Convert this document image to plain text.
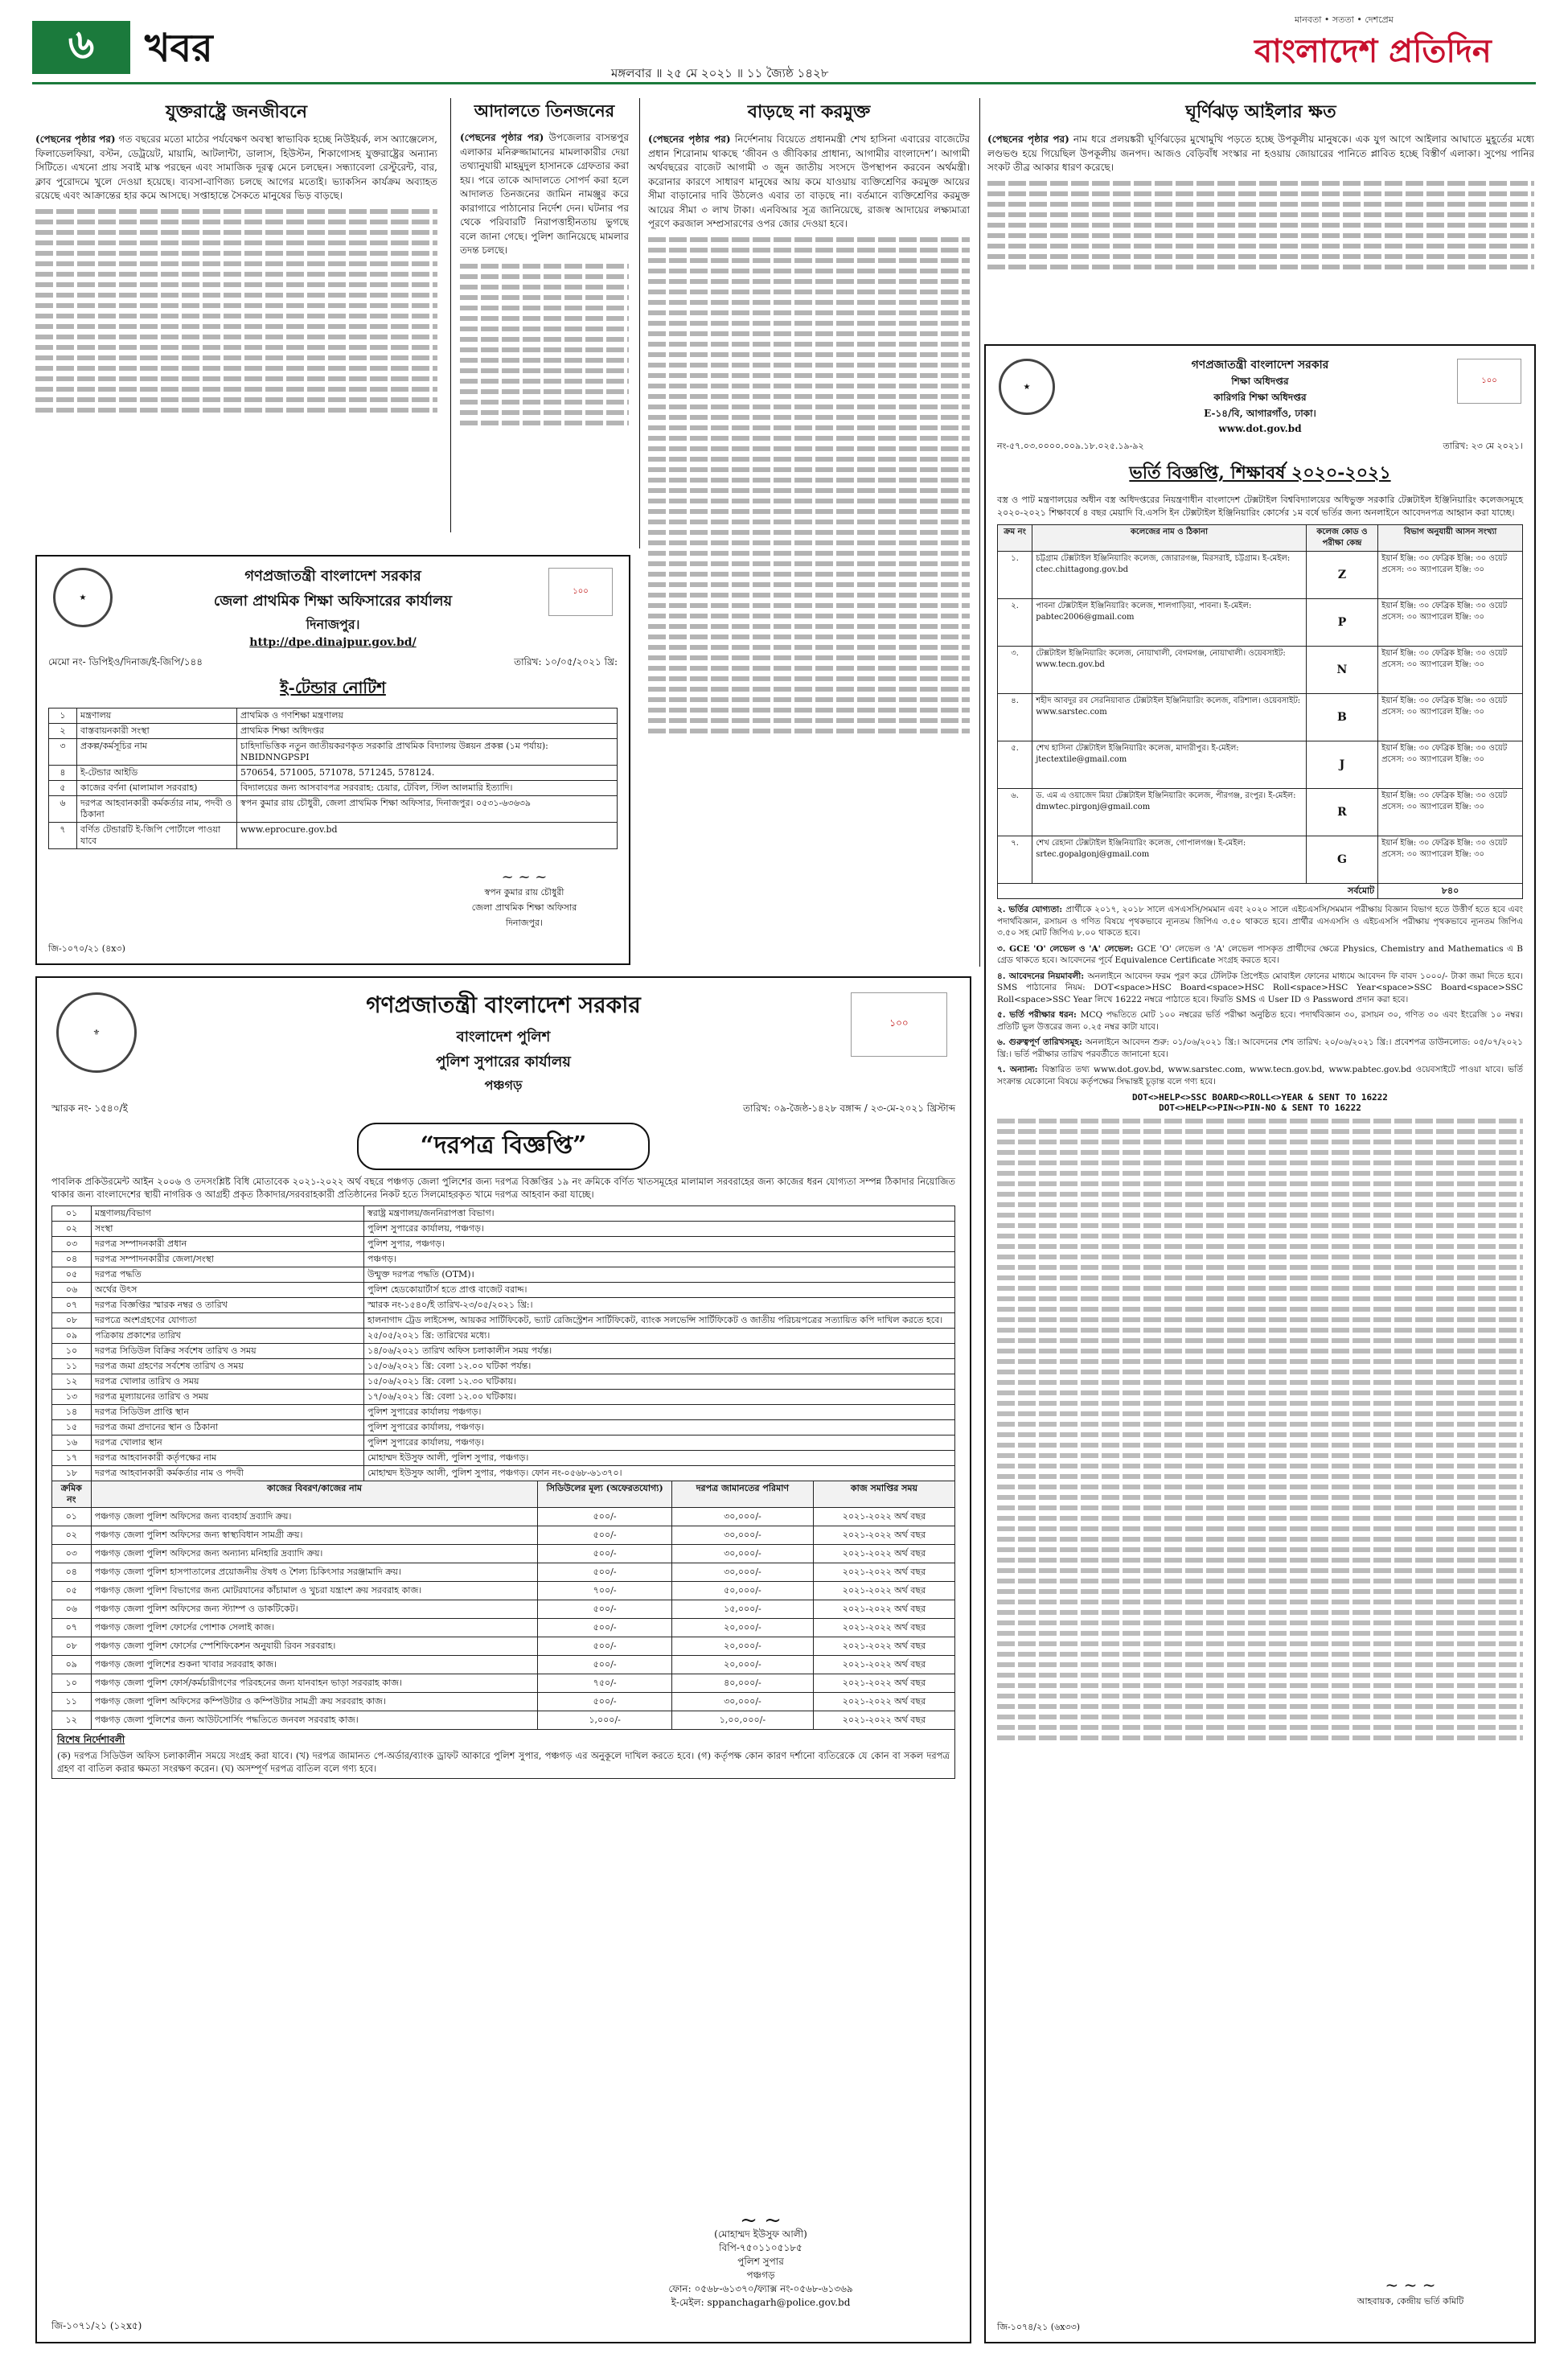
৬	খবর
মঙ্গলবার ॥ ২৫ মে ২০২১ ॥ ১১ জ্যৈষ্ঠ ১৪২৮
মানবতা • সততা • দেশপ্রেম
বাংলাদেশ প্রতিদিন
যুক্তরাষ্ট্রে জনজীবনে
(পেছনের পৃষ্ঠার পর) গত বছরের মতো মাঠের পর্যবেক্ষণ অবস্থা স্বাভাবিক হচ্ছে নিউইয়র্ক, লস অ্যাঞ্জেলেস, ফিলাডেলফিয়া, বস্টন, ডেট্রয়েট, মায়ামি, আটলান্টা, ডালাস, হিউস্টন, শিকাগোসহ যুক্তরাষ্ট্রের অন্যান্য সিটিতে। এখনো প্রায় সবাই মাস্ক পরছেন এবং সামাজিক দূরত্ব মেনে চলছেন। সন্ধ্যাবেলা রেস্টুরেন্ট, বার, ক্লাব পুরোদমে খুলে দেওয়া হয়েছে। ব্যবসা-বাণিজ্য চলছে আগের মতোই। ভ্যাকসিন কার্যক্রম অব্যাহত রয়েছে এবং আক্রান্তের হার কমে আসছে। সপ্তাহান্তে সৈকতে মানুষের ভিড় বাড়ছে।
আদালতে তিনজনের
(পেছনের পৃষ্ঠার পর) উপজেলার বাসন্তপুর এলাকার মনিরুজ্জামানের মামলাকারীর দেয়া তথ্যানুযায়ী মাহমুদুল হাসানকে গ্রেফতার করা হয়। পরে তাকে আদালতে সোপর্দ করা হলে আদালত তিনজনের জামিন নামঞ্জুর করে কারাগারে পাঠানোর নির্দেশ দেন। ঘটনার পর থেকে পরিবারটি নিরাপত্তাহীনতায় ভুগছে বলে জানা গেছে। পুলিশ জানিয়েছে মামলার তদন্ত চলছে।
বাড়ছে না করমুক্ত
(পেছনের পৃষ্ঠার পর) নির্দেশনায় বিয়েতে প্রধানমন্ত্রী শেখ হাসিনা এবারের বাজেটের প্রধান শিরোনাম থাকছে ‘জীবন ও জীবিকার প্রাধান্য, আগামীর বাংলাদেশ’। আগামী অর্থবছরের বাজেট আগামী ৩ জুন জাতীয় সংসদে উপস্থাপন করবেন অর্থমন্ত্রী। করোনার কারণে সাধারণ মানুষের আয় কমে যাওয়ায় ব্যক্তিশ্রেণির করমুক্ত আয়ের সীমা বাড়ানোর দাবি উঠলেও এবার তা বাড়ছে না। বর্তমানে ব্যক্তিশ্রেণির করমুক্ত আয়ের সীমা ৩ লাখ টাকা। এনবিআর সূত্র জানিয়েছে, রাজস্ব আদায়ের লক্ষ্যমাত্রা পূরণে করজাল সম্প্রসারণের ওপর জোর দেওয়া হবে।
ঘূর্ণিঝড় আইলার ক্ষত
(পেছনের পৃষ্ঠার পর) নাম ধরে প্রলয়ঙ্করী ঘূর্ণিঝড়ের মুখোমুখি পড়তে হচ্ছে উপকূলীয় মানুষকে। এক যুগ আগে আইলার আঘাতে মুহূর্তের মধ্যে লণ্ডভণ্ড হয়ে গিয়েছিল উপকূলীয় জনপদ। আজও বেড়িবাঁধ সংস্কার না হওয়ায় জোয়ারের পানিতে প্লাবিত হচ্ছে বিস্তীর্ণ এলাকা। সুপেয় পানির সংকট তীব্র আকার ধারণ করেছে।
★
১০০
গণপ্রজাতন্ত্রী বাংলাদেশ সরকার
জেলা প্রাথমিক শিক্ষা অফিসারের কার্যালয়
দিনাজপুর।
http://dpe.dinajpur.gov.bd/
মেমো নং- ডিপিইও/দিনাজ/ই-জিপি/১৪৪	তারিখ: ১০/০৫/২০২১ খ্রি:
ই-টেন্ডার নোটিশ
১	মন্ত্রণালয়	প্রাথমিক ও গণশিক্ষা মন্ত্রণালয়
২	বাস্তবায়নকারী সংস্থা	প্রাথমিক শিক্ষা অধিদপ্তর
৩	প্রকল্প/কর্মসূচির নাম	চাহিদাভিত্তিক নতুন জাতীয়করণকৃত সরকারি প্রাথমিক বিদ্যালয় উন্নয়ন প্রকল্প (১ম পর্যায়): NBIDNNGPSPI
৪	ই-টেন্ডার আইডি	570654, 571005, 571078, 571245, 578124.
৫	কাজের বর্ণনা (মালামাল সরবরাহ)	বিদ্যালয়ের জন্য আসবাবপত্র সরবরাহ: চেয়ার, টেবিল, স্টিল আলমারি ইত্যাদি।
৬	দরপত্র আহবানকারী কর্মকর্তার নাম, পদবী ও ঠিকানা	স্বপন কুমার রায় চৌধুরী, জেলা প্রাথমিক শিক্ষা অফিসার, দিনাজপুর। ০৫৩১-৬৩৬৩৯
৭	বর্ণিত টেন্ডারটি ই-জিপি পোর্টালে পাওয়া যাবে	www.eprocure.gov.bd
~ ~ ~
স্বপন কুমার রায় চৌধুরী
জেলা প্রাথমিক শিক্ষা অফিসার
দিনাজপুর।
জি-১০৭০/২১ (৪x৩)
⚜
১০০
গণপ্রজাতন্ত্রী বাংলাদেশ সরকার
বাংলাদেশ পুলিশ
পুলিশ সুপারের কার্যালয়
পঞ্চগড়
স্মারক নং- ১৫৪০/ই	তারিখ: ০৯-জৈষ্ঠ-১৪২৮ বঙ্গাব্দ / ২৩-মে-২০২১ খ্রিস্টাব্দ
“দরপত্র বিজ্ঞপ্তি”
পাবলিক প্রকিউরমেন্ট আইন ২০০৬ ও তদসংশ্লিষ্ট বিধি মোতাবেক ২০২১-২০২২ অর্থ বছরে পঞ্চগড় জেলা পুলিশের জন্য দরপত্র বিজ্ঞপ্তির ১৯ নং ক্রমিকে বর্ণিত খাতসমূহের মালামাল সরবরাহের জন্য কাজের ধরন যোগ্যতা সম্পন্ন ঠিকাদার নিয়োজিত থাকার জন্য বাংলাদেশের স্থায়ী নাগরিক ও আগ্রহী প্রকৃত ঠিকাদার/সরবরাহকারী প্রতিষ্ঠানের নিকট হতে সিলমোহরকৃত খামে দরপত্র আহবান করা যাচ্ছে।
০১	মন্ত্রণালয়/বিভাগ	স্বরাষ্ট্র মন্ত্রণালয়/জননিরাপত্তা বিভাগ।
০২	সংস্থা	পুলিশ সুপারের কার্যালয়, পঞ্চগড়।
০৩	দরপত্র সম্পাদনকারী প্রধান	পুলিশ সুপার, পঞ্চগড়।
০৪	দরপত্র সম্পাদনকারীর জেলা/সংস্থা	পঞ্চগড়।
০৫	দরপত্র পদ্ধতি	উন্মুক্ত দরপত্র পদ্ধতি (OTM)।
০৬	অর্থের উৎস	পুলিশ হেডকোয়ার্টার্স হতে প্রাপ্ত বাজেট বরাদ্দ।
০৭	দরপত্র বিজ্ঞপ্তির স্মারক নম্বর ও তারিখ	স্মারক নং-১৫৪০/ই তারিখ-২৩/০৫/২০২১ খ্রি:।
০৮	দরপত্রে অংশগ্রহণের যোগ্যতা	হালনাগাদ ট্রেড লাইসেন্স, আয়কর সার্টিফিকেট, ভ্যাট রেজিস্ট্রেশন সার্টিফিকেট, ব্যাংক সলভেন্সি সার্টিফিকেট ও জাতীয় পরিচয়পত্রের সত্যায়িত কপি দাখিল করতে হবে।
০৯	পত্রিকায় প্রকাশের তারিখ	২৫/০৫/২০২১ খ্রি: তারিখের মধ্যে।
১০	দরপত্র সিডিউল বিক্রির সর্বশেষ তারিখ ও সময়	১৪/০৬/২০২১ তারিখ অফিস চলাকালীন সময় পর্যন্ত।
১১	দরপত্র জমা গ্রহণের সর্বশেষ তারিখ ও সময়	১৫/০৬/২০২১ খ্রি: বেলা ১২.০০ ঘটিকা পর্যন্ত।
১২	দরপত্র খোলার তারিখ ও সময়	১৫/০৬/২০২১ খ্রি: বেলা ১২.৩০ ঘটিকায়।
১৩	দরপত্র মূল্যায়নের তারিখ ও সময়	১৭/০৬/২০২১ খ্রি: বেলা ১২.০০ ঘটিকায়।
১৪	দরপত্র সিডিউল প্রাপ্তি স্থান	পুলিশ সুপারের কার্যালয় পঞ্চগড়।
১৫	দরপত্র জমা প্রদানের স্থান ও ঠিকানা	পুলিশ সুপারের কার্যালয়, পঞ্চগড়।
১৬	দরপত্র খোলার স্থান	পুলিশ সুপারের কার্যালয়, পঞ্চগড়।
১৭	দরপত্র আহবানকারী কর্তৃপক্ষের নাম	মোহাম্মদ ইউসুফ আলী, পুলিশ সুপার, পঞ্চগড়।
১৮	দরপত্র আহবানকারী কর্মকর্তার নাম ও পদবী	মোহাম্মদ ইউসুফ আলী, পুলিশ সুপার, পঞ্চগড়। ফোন নং-০৫৬৮-৬১৩৭০।
ক্রমিক নং	কাজের বিবরণ/কাজের নাম	সিডিউলের মূল্য (অফেরতযোগ্য)	দরপত্র জামানতের পরিমাণ	কাজ সমাপ্তির সময়
০১	পঞ্চগড় জেলা পুলিশ অফিসের জন্য ব্যবহার্য দ্রব্যাদি ক্রয়।	৫০০/-	৩০,০০০/-	২০২১-২০২২ অর্থ বছর
০২	পঞ্চগড় জেলা পুলিশ অফিসের জন্য স্বাস্থ্যবিধান সামগ্রী ক্রয়।	৫০০/-	৩০,০০০/-	২০২১-২০২২ অর্থ বছর
০৩	পঞ্চগড় জেলা পুলিশ অফিসের জন্য অন্যান্য মনিহারি দ্রব্যাদি ক্রয়।	৫০০/-	৩০,০০০/-	২০২১-২০২২ অর্থ বছর
০৪	পঞ্চগড় জেলা পুলিশ হাসপাতালের প্রয়োজনীয় ঔষধ ও শৈল্য চিকিৎসার সরঞ্জামাদি ক্রয়।	৫০০/-	৩০,০০০/-	২০২১-২০২২ অর্থ বছর
০৫	পঞ্চগড় জেলা পুলিশ বিভাগের জন্য মোটরযানের কাঁচামাল ও খুচরা যন্ত্রাংশ ক্রয় সরবরাহ কাজ।	৭০০/-	৫০,০০০/-	২০২১-২০২২ অর্থ বছর
০৬	পঞ্চগড় জেলা পুলিশ অফিসের জন্য স্ট্যাম্প ও ডাকটিকেট।	৫০০/-	১৫,০০০/-	২০২১-২০২২ অর্থ বছর
০৭	পঞ্চগড় জেলা পুলিশ ফোর্সের পোশাক সেলাই কাজ।	৫০০/-	২০,০০০/-	২০২১-২০২২ অর্থ বছর
০৮	পঞ্চগড় জেলা পুলিশ ফোর্সের স্পেশিফিকেশন অনুযায়ী রিবন সরবরাহ।	৫০০/-	২০,০০০/-	২০২১-২০২২ অর্থ বছর
০৯	পঞ্চগড় জেলা পুলিশের শুকনা খাবার সরবরাহ কাজ।	৫০০/-	২০,০০০/-	২০২১-২০২২ অর্থ বছর
১০	পঞ্চগড় জেলা পুলিশ ফোর্স/কর্মচারীগণের পরিবহনের জন্য যানবাহন ভাড়া সরবরাহ কাজ।	৭৫০/-	৪০,০০০/-	২০২১-২০২২ অর্থ বছর
১১	পঞ্চগড় জেলা পুলিশ অফিসের কম্পিউটার ও কম্পিউটার সামগ্রী ক্রয় সরবরাহ কাজ।	৫০০/-	৩০,০০০/-	২০২১-২০২২ অর্থ বছর
১২	পঞ্চগড় জেলা পুলিশের জন্য আউটসোর্সিং পদ্ধতিতে জনবল সরবরাহ কাজ।	১,০০০/-	১,০০,০০০/-	২০২১-২০২২ অর্থ বছর
বিশেষ নির্দেশাবলী
(ক) দরপত্র সিডিউল অফিস চলাকালীন সময়ে সংগ্রহ করা যাবে। (খ) দরপত্র জামানত পে-অর্ডার/ব্যাংক ড্রাফট আকারে পুলিশ সুপার, পঞ্চগড় এর অনুকূলে দাখিল করতে হবে। (গ) কর্তৃপক্ষ কোন কারণ দর্শানো ব্যতিরেকে যে কোন বা সকল দরপত্র গ্রহণ বা বাতিল করার ক্ষমতা সংরক্ষণ করেন। (ঘ) অসম্পূর্ণ দরপত্র বাতিল বলে গণ্য হবে।
~ ~
(মোহাম্মদ ইউসুফ আলী)
বিপি-৭৫০১১০৫১৮৫
পুলিশ সুপার
পঞ্চগড়
ফোন: ০৫৬৮-৬১৩৭০/ফ্যাক্স নং-০৫৬৮-৬১৩৬৯
ই-মেইল: sppanchagarh@police.gov.bd
জি-১০৭১/২১ (১২x৫)
★
১০০
গণপ্রজাতন্ত্রী বাংলাদেশ সরকার
শিক্ষা অধিদপ্তর
কারিগরি শিক্ষা অধিদপ্তর
E-১৪/বি, আগারগাঁও, ঢাকা।
www.dot.gov.bd
নং-৫৭.০৩.০০০০.০০৯.১৮.০২৫.১৯-৯২	তারিখ: ২৩ মে ২০২১।
ভর্তি বিজ্ঞপ্তি, শিক্ষাবর্ষ ২০২০-২০২১
বস্ত্র ও পাট মন্ত্রণালয়ের অধীন বস্ত্র অধিদপ্তরের নিয়ন্ত্রণাধীন বাংলাদেশ টেক্সটাইল বিশ্ববিদ্যালয়ের অধিভুক্ত সরকারি টেক্সটাইল ইঞ্জিনিয়ারিং কলেজসমূহে ২০২০-২০২১ শিক্ষাবর্ষে ৪ বছর মেয়াদি বি.এসসি ইন টেক্সটাইল ইঞ্জিনিয়ারিং কোর্সের ১ম বর্ষে ভর্তির জন্য অনলাইনে আবেদনপত্র আহ্বান করা যাচ্ছে।
ক্রম নং	কলেজের নাম ও ঠিকানা	কলেজ কোড ও পরীক্ষা কেন্দ্র	বিভাগ অনুযায়ী আসন সংখ্যা
১.	চট্টগ্রাম টেক্সটাইল ইঞ্জিনিয়ারিং কলেজ, জোরারগঞ্জ, মিরসরাই, চট্টগ্রাম। ই-মেইল: ctec.chittagong.gov.bd	Z	ইয়ার্ন ইঞ্জি: ৩০ ফেব্রিক ইঞ্জি: ৩০ ওয়েট প্রসেস: ৩০ অ্যাপারেল ইঞ্জি: ৩০
২.	পাবনা টেক্সটাইল ইঞ্জিনিয়ারিং কলেজ, শালগাড়িয়া, পাবনা। ই-মেইল: pabtec2006@gmail.com	P	ইয়ার্ন ইঞ্জি: ৩০ ফেব্রিক ইঞ্জি: ৩০ ওয়েট প্রসেস: ৩০ অ্যাপারেল ইঞ্জি: ৩০
৩.	টেক্সটাইল ইঞ্জিনিয়ারিং কলেজ, নোয়াখালী, বেগমগঞ্জ, নোয়াখালী। ওয়েবসাইট: www.tecn.gov.bd	N	ইয়ার্ন ইঞ্জি: ৩০ ফেব্রিক ইঞ্জি: ৩০ ওয়েট প্রসেস: ৩০ অ্যাপারেল ইঞ্জি: ৩০
৪.	শহীদ আবদুর রব সেরনিয়াবাত টেক্সটাইল ইঞ্জিনিয়ারিং কলেজ, বরিশাল। ওয়েবসাইট: www.sarstec.com	B	ইয়ার্ন ইঞ্জি: ৩০ ফেব্রিক ইঞ্জি: ৩০ ওয়েট প্রসেস: ৩০ অ্যাপারেল ইঞ্জি: ৩০
৫.	শেখ হাসিনা টেক্সটাইল ইঞ্জিনিয়ারিং কলেজ, মাদারীপুর। ই-মেইল: jtectextile@gmail.com	J	ইয়ার্ন ইঞ্জি: ৩০ ফেব্রিক ইঞ্জি: ৩০ ওয়েট প্রসেস: ৩০ অ্যাপারেল ইঞ্জি: ৩০
৬.	ড. এম এ ওয়াজেদ মিয়া টেক্সটাইল ইঞ্জিনিয়ারিং কলেজ, পীরগঞ্জ, রংপুর। ই-মেইল: dmwtec.pirgonj@gmail.com	R	ইয়ার্ন ইঞ্জি: ৩০ ফেব্রিক ইঞ্জি: ৩০ ওয়েট প্রসেস: ৩০ অ্যাপারেল ইঞ্জি: ৩০
৭.	শেখ রেহানা টেক্সটাইল ইঞ্জিনিয়ারিং কলেজ, গোপালগঞ্জ। ই-মেইল: srtec.gopalgonj@gmail.com	G	ইয়ার্ন ইঞ্জি: ৩০ ফেব্রিক ইঞ্জি: ৩০ ওয়েট প্রসেস: ৩০ অ্যাপারেল ইঞ্জি: ৩০
সর্বমোট			৮৪০
২. ভর্তির যোগ্যতা: প্রার্থীকে ২০১৭, ২০১৮ সালে এসএসসি/সমমান এবং ২০২০ সালে এইচএসসি/সমমান পরীক্ষায় বিজ্ঞান বিভাগ হতে উত্তীর্ণ হতে হবে এবং পদার্থবিজ্ঞান, রসায়ন ও গণিত বিষয়ে পৃথকভাবে ন্যূনতম জিপিএ ৩.৫০ থাকতে হবে। প্রার্থীর এসএসসি ও এইচএসসি পরীক্ষায় পৃথকভাবে ন্যূনতম জিপিএ ৩.৫০ সহ মোট জিপিএ ৮.০০ থাকতে হবে।
৩. GCE 'O' লেভেল ও 'A' লেভেল: GCE 'O' লেভেল ও 'A' লেভেল পাসকৃত প্রার্থীদের ক্ষেত্রে Physics, Chemistry and Mathematics এ B গ্রেড থাকতে হবে। আবেদনের পূর্বে Equivalence Certificate সংগ্রহ করতে হবে।
৪. আবেদনের নিয়মাবলী: অনলাইনে আবেদন ফরম পূরণ করে টেলিটক প্রিপেইড মোবাইল ফোনের মাধ্যমে আবেদন ফি বাবদ ১০০০/- টাকা জমা দিতে হবে। SMS পাঠানোর নিয়ম: DOT<space>HSC Board<space>HSC Roll<space>HSC Year<space>SSC Board<space>SSC Roll<space>SSC Year লিখে 16222 নম্বরে পাঠাতে হবে। ফিরতি SMS এ User ID ও Password প্রদান করা হবে।
৫. ভর্তি পরীক্ষার ধরন: MCQ পদ্ধতিতে মোট ১০০ নম্বরের ভর্তি পরীক্ষা অনুষ্ঠিত হবে। পদার্থবিজ্ঞান ৩০, রসায়ন ৩০, গণিত ৩০ এবং ইংরেজি ১০ নম্বর। প্রতিটি ভুল উত্তরের জন্য ০.২৫ নম্বর কাটা যাবে।
৬. গুরুত্বপূর্ণ তারিখসমূহ: অনলাইনে আবেদন শুরু: ০১/০৬/২০২১ খ্রি:। আবেদনের শেষ তারিখ: ২০/০৬/২০২১ খ্রি:। প্রবেশপত্র ডাউনলোড: ০৫/০৭/২০২১ খ্রি:। ভর্তি পরীক্ষার তারিখ পরবর্তীতে জানানো হবে।
৭. অন্যান্য: বিস্তারিত তথ্য www.dot.gov.bd, www.sarstec.com, www.tecn.gov.bd, www.pabtec.gov.bd ওয়েবসাইটে পাওয়া যাবে। ভর্তি সংক্রান্ত যেকোনো বিষয়ে কর্তৃপক্ষের সিদ্ধান্তই চূড়ান্ত বলে গণ্য হবে।
DOT<>HELP<>SSC BOARD<>ROLL<>YEAR & SENT TO 16222
DOT<>HELP<>PIN<>PIN-NO & SENT TO 16222
~ ~ ~
আহবায়ক, কেন্দ্রীয় ভর্তি কমিটি
জি-১০৭৪/২১ (৬x৩৩)
